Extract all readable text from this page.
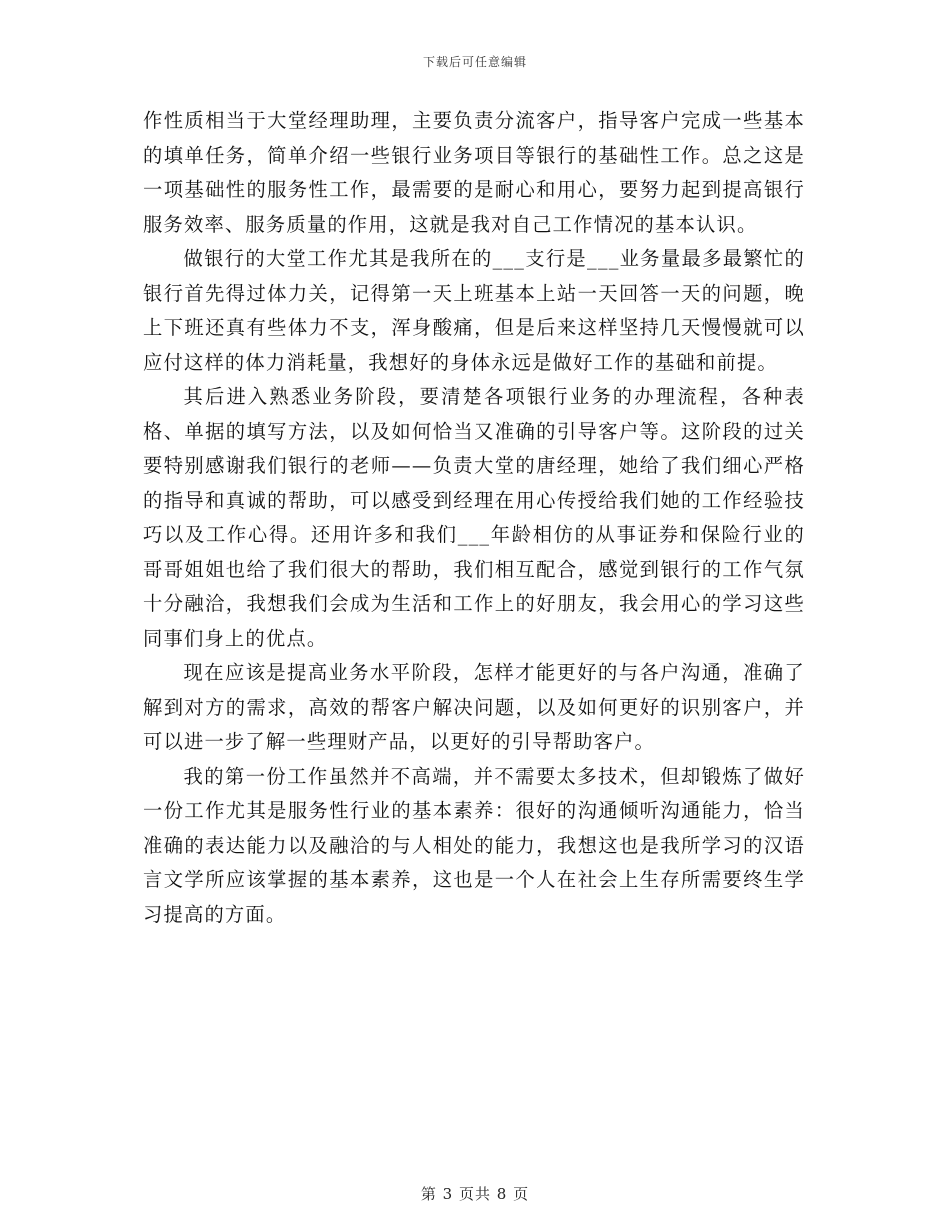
下载后可任意编辑

作性质相当于大堂经理助理，主要负责分流客户，指导客户完成一些基本的填单任务，简单介绍一些银行业务项目等银行的基础性工作。总之这是一项基础性的服务性工作，最需要的是耐心和用心，要努力起到提高银行服务效率、服务质量的作用，这就是我对自己工作情况的基本认识。

做银行的大堂工作尤其是我所在的___支行是___业务量最多最繁忙的银行首先得过体力关，记得第一天上班基本上站一天回答一天的问题，晚上下班还真有些体力不支，浑身酸痛，但是后来这样坚持几天慢慢就可以应付这样的体力消耗量，我想好的身体永远是做好工作的基础和前提。

其后进入熟悉业务阶段，要清楚各项银行业务的办理流程，各种表格、单据的填写方法，以及如何恰当又准确的引导客户等。这阶段的过关要特别感谢我们银行的老师——负责大堂的唐经理，她给了我们细心严格的指导和真诚的帮助，可以感受到经理在用心传授给我们她的工作经验技巧以及工作心得。还用许多和我们___年龄相仿的从事证券和保险行业的哥哥姐姐也给了我们很大的帮助，我们相互配合，感觉到银行的工作气氛十分融洽，我想我们会成为生活和工作上的好朋友，我会用心的学习这些同事们身上的优点。

现在应该是提高业务水平阶段，怎样才能更好的与各户沟通，准确了解到对方的需求，高效的帮客户解决问题，以及如何更好的识别客户，并可以进一步了解一些理财产品，以更好的引导帮助客户。

我的第一份工作虽然并不高端，并不需要太多技术，但却锻炼了做好一份工作尤其是服务性行业的基本素养：很好的沟通倾听沟通能力，恰当准确的表达能力以及融洽的与人相处的能力，我想这也是我所学习的汉语言文学所应该掌握的基本素养，这也是一个人在社会上生存所需要终生学习提高的方面。

第 3 页共 8 页
